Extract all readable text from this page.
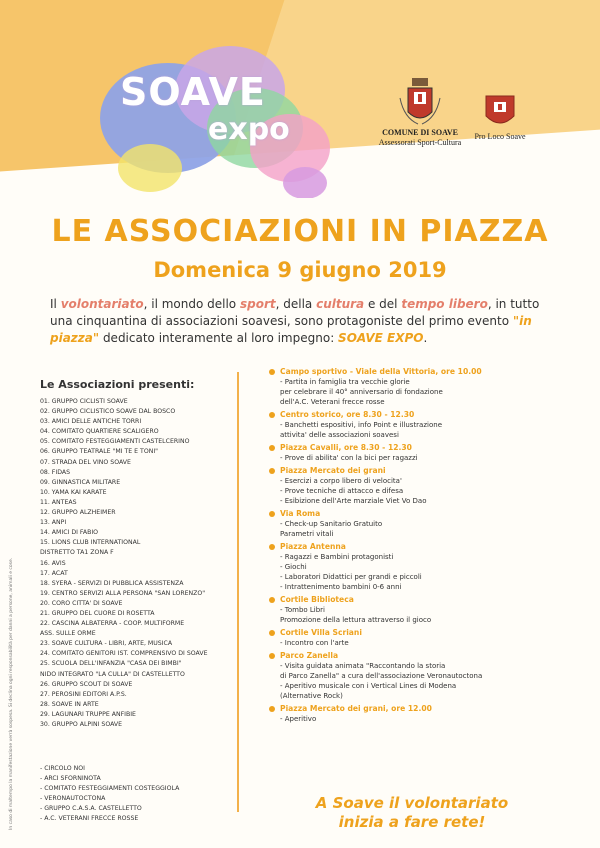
SOAVE
expo	COMUNE DI SOAVE
Assessorati Sport-Cultura
Pro Loco Soave
LE ASSOCIAZIONI IN PIAZZA
Domenica 9 giugno 2019

Il volontariato, il mondo dello sport, della cultura e del tempo libero, in tutto una cinquantina di associazioni soavesi, sono protagoniste del primo evento "in piazza" dedicato interamente al loro impegno: SOAVE EXPO.

Le Associazioni presenti:
01. GRUPPO CICLISTI SOAVE
02. GRUPPO CICLISTICO SOAVE DAL BOSCO
03. AMICI DELLE ANTICHE TORRI
04. COMITATO QUARTIERE SCALIGERO
05. COMITATO FESTEGGIAMENTI CASTELCERINO
06. GRUPPO TEATRALE "MI TE E TONI"
07. STRADA DEL VINO SOAVE
08. FIDAS
09. GINNASTICA MILITARE
10. YAMA KAI KARATE
11. ANTEAS
12. GRUPPO ALZHEIMER
13. ANPI
14. AMICI DI FABIO
15. LIONS CLUB INTERNATIONAL
DISTRETTO TA1 ZONA F
16. AVIS
17. ACAT
18. SYERA - SERVIZI DI PUBBLICA ASSISTENZA
19. CENTRO SERVIZI ALLA PERSONA "SAN LORENZO"
20. CORO CITTA' DI SOAVE
21. GRUPPO DEL CUORE DI ROSETTA
22. CASCINA ALBATERRA - COOP. MULTIFORME
ASS. SULLE ORME
23. SOAVE CULTURA - LIBRI, ARTE, MUSICA
24. COMITATO GENITORI IST. COMPRENSIVO DI SOAVE
25. SCUOLA DELL'INFANZIA "CASA DEI BIMBI"
NIDO INTEGRATO "LA CULLA" DI CASTELLETTO
26. GRUPPO SCOUT DI SOAVE
27. PEROSINI EDITORI A.P.S.
28. SOAVE IN ARTE
29. LAGUNARI TRUPPE ANFIBIE
30. GRUPPO ALPINI SOAVE
- CIRCOLO NOI
- ARCI SFORNINOTA
- COMITATO FESTEGGIAMENTI COSTEGGIOLA
- VERONAUTOCTONA
- GRUPPO C.A.S.A. CASTELLETTO
- A.C. VETERANI FRECCE ROSSE
In caso di maltempo la manifestazione verrà sospesa. Si declina ogni responsabilità per danni a persone, animali e cose.
Campo sportivo - Viale della Vittoria, ore 10.00
- Partita in famiglia tra vecchie glorie
per celebrare il 40° anniversario di fondazione
dell'A.C. Veterani frecce rosse
Centro storico, ore 8.30 - 12.30
- Banchetti espositivi, info Point e illustrazione
attivita' delle associazioni soavesi
Piazza Cavalli, ore 8.30 - 12.30
- Prove di abilita' con la bici per ragazzi
Piazza Mercato dei grani
- Esercizi a corpo libero di velocita'
- Prove tecniche di attacco e difesa
- Esibizione dell'Arte marziale Viet Vo Dao
Via Roma
- Check-up Sanitario Gratuito
Parametri vitali
Piazza Antenna
- Ragazzi e Bambini protagonisti
- Giochi
- Laboratori Didattici per grandi e piccoli
- Intrattenimento bambini 0-6 anni
Cortile Biblioteca
- Tombo Libri
Promozione della lettura attraverso il gioco
Cortile Villa Scriani
- Incontro con l'arte
Parco Zanella
- Visita guidata animata "Raccontando la storia
di Parco Zanella" a cura dell'associazione Veronautoctona
- Aperitivo musicale con i Vertical Lines di Modena
(Alternative Rock)
Piazza Mercato dei grani, ore 12.00
- Aperitivo
A Soave il volontariato
inizia a fare rete!
